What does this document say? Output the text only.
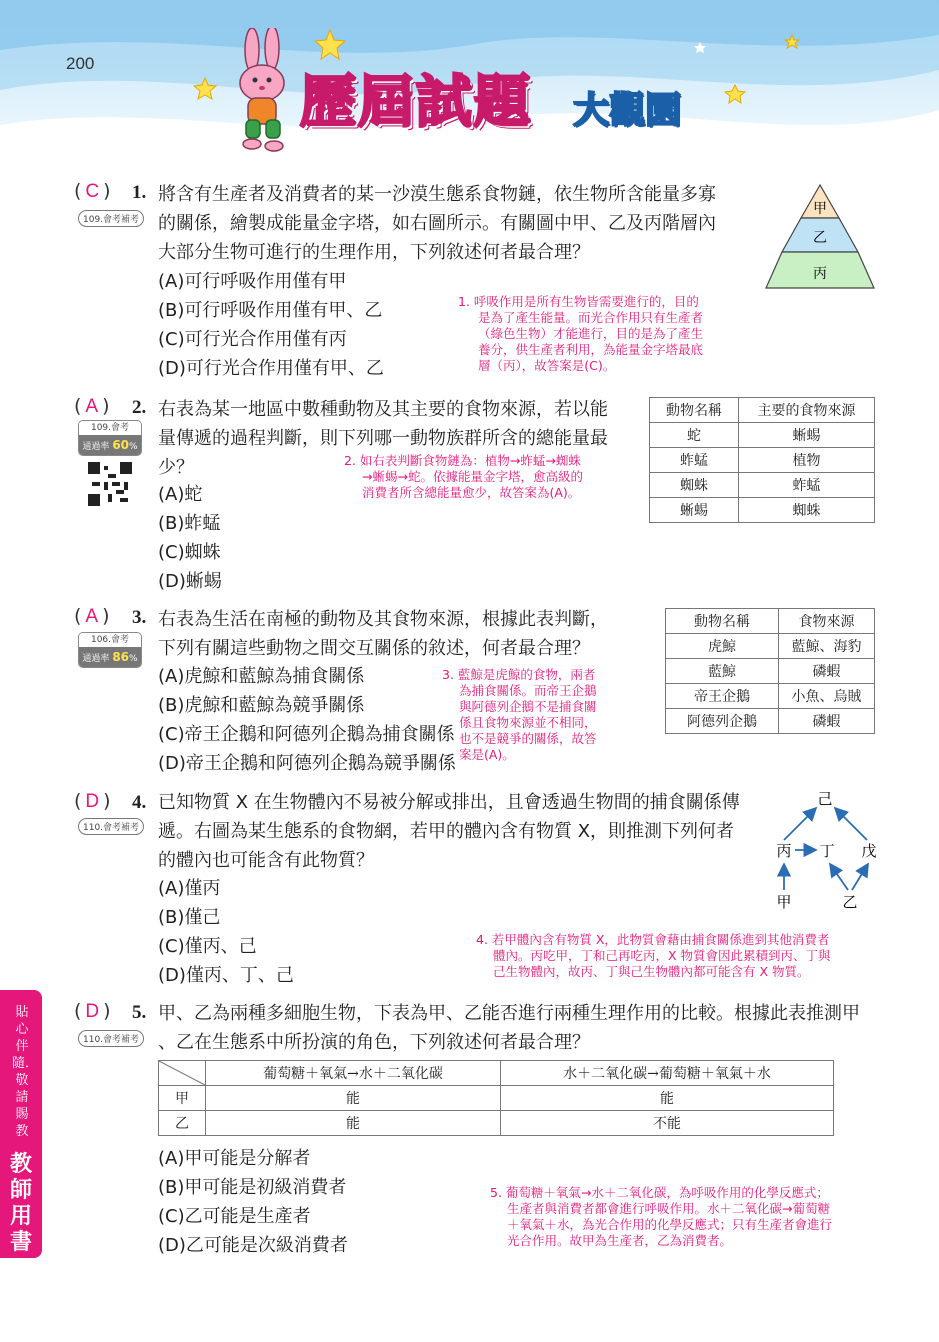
200
歷屆試題 大觀園
貼心伴隨．敬請賜教
教師用書
( C ) 1.
109.會考補考
將含有生產者及消費者的某一沙漠生態系食物鏈，依生物所含能量多寡
的關係，繪製成能量金字塔，如右圖所示。有關圖中甲、乙及丙階層內
大部分生物可進行的生理作用，下列敘述何者最合理？
(A)可行呼吸作用僅有甲
(B)可行呼吸作用僅有甲、乙
(C)可行光合作用僅有丙
(D)可行光合作用僅有甲、乙
甲
乙
丙
1. 呼吸作用是所有生物皆需要進行的，目的
是為了產生能量。而光合作用只有生產者
（綠色生物）才能進行，目的是為了產生
養分，供生產者利用，為能量金字塔最底
層（丙），故答案是(C)。
( A ) 2.
109.會考
通過率 60%
右表為某一地區中數種動物及其主要的食物來源，若以能
量傳遞的過程判斷，則下列哪一動物族群所含的總能量最
少？
(A)蛇
(B)蚱蜢
(C)蜘蛛
(D)蜥蜴
動物名稱	主要的食物來源
蛇	蜥蜴
蚱蜢	植物
蜘蛛	蚱蜢
蜥蜴	蜘蛛
2. 如右表判斷食物鏈為：植物→蚱蜢→蜘蛛
→蜥蜴→蛇。依據能量金字塔，愈高級的
消費者所含總能量愈少，故答案為(A)。
( A ) 3.
106.會考
通過率 86%
右表為生活在南極的動物及其食物來源，根據此表判斷，
下列有關這些動物之間交互關係的敘述，何者最合理？
(A)虎鯨和藍鯨為捕食關係
(B)虎鯨和藍鯨為競爭關係
(C)帝王企鵝和阿德列企鵝為捕食關係
(D)帝王企鵝和阿德列企鵝為競爭關係
動物名稱	食物來源
虎鯨	藍鯨、海豹
藍鯨	磷蝦
帝王企鵝	小魚、烏賊
阿德列企鵝	磷蝦
3. 藍鯨是虎鯨的食物，兩者
為捕食關係。而帝王企鵝
與阿德列企鵝不是捕食關
係且食物來源並不相同，
也不是競爭的關係，故答
案是(A)。
( D ) 4.
110.會考補考
已知物質 X 在生物體內不易被分解或排出，且會透過生物間的捕食關係傳
遞。右圖為某生態系的食物網，若甲的體內含有物質 X，則推測下列何者
的體內也可能含有此物質？
(A)僅丙
(B)僅己
(C)僅丙、己
(D)僅丙、丁、己
己
丙 丁 戊
甲	乙
4. 若甲體內含有物質 X，此物質會藉由捕食關係進到其他消費者
體內。丙吃甲，丁和己再吃丙，X 物質會因此累積到丙、丁與
己生物體內，故丙、丁與己生物體內都可能含有 X 物質。
( D ) 5.
110.會考補考
甲、乙為兩種多細胞生物，下表為甲、乙能否進行兩種生理作用的比較。根據此表推測甲
、乙在生態系中所扮演的角色，下列敘述何者最合理？
	葡萄糖＋氧氣→水＋二氧化碳	水＋二氧化碳→葡萄糖＋氧氣＋水
甲	能	能
乙	能	不能
(A)甲可能是分解者
(B)甲可能是初級消費者
(C)乙可能是生產者
(D)乙可能是次級消費者
5. 葡萄糖＋氧氣→水＋二氧化碳，為呼吸作用的化學反應式；
生產者與消費者都會進行呼吸作用。水＋二氧化碳→葡萄糖
＋氧氣＋水，為光合作用的化學反應式；只有生產者會進行
光合作用。故甲為生產者，乙為消費者。
